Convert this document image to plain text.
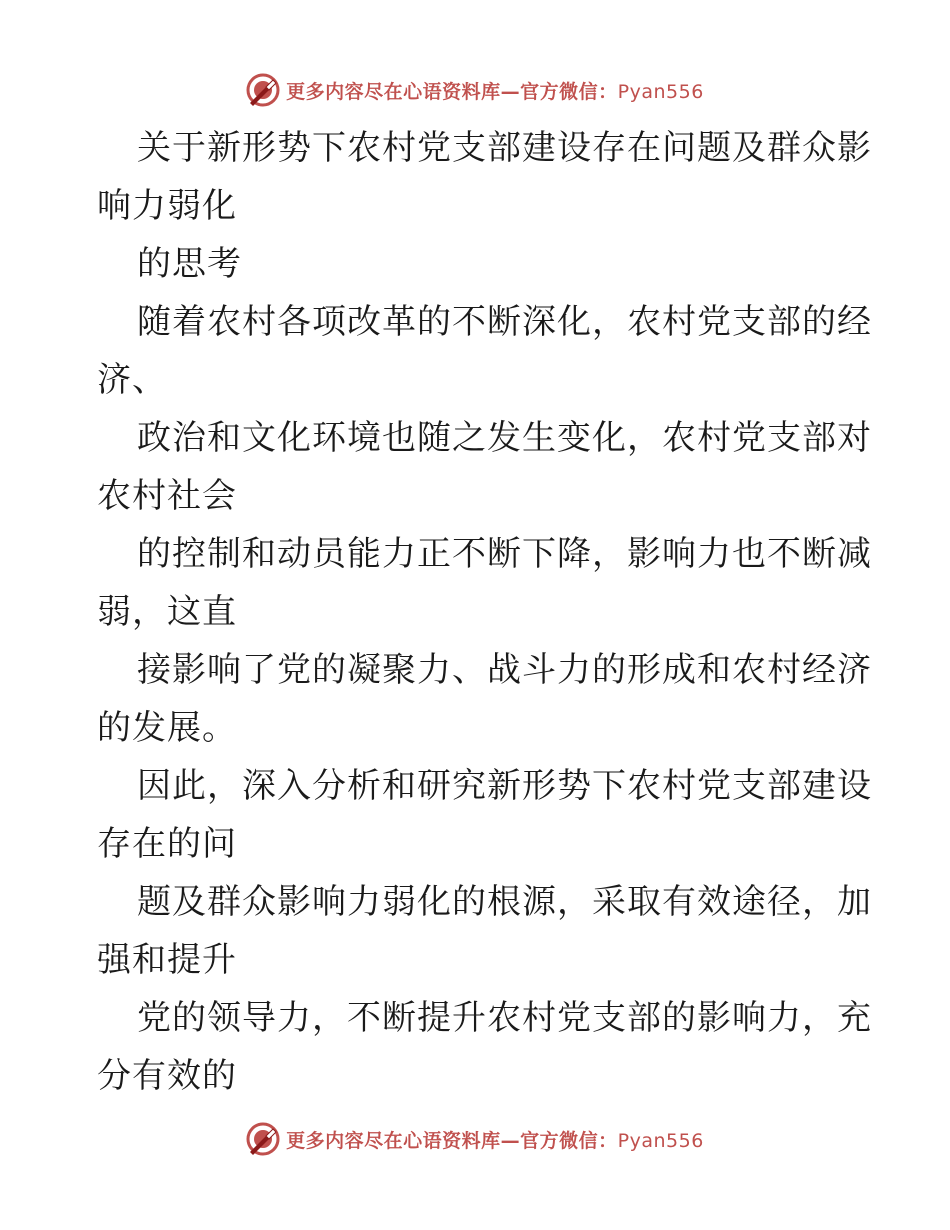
更多内容尽在心语资料库—官方微信：Pyan556
关于新形势下农村党支部建设存在问题及群众影
响力弱化
的思考
随着农村各项改革的不断深化，农村党支部的经
济、
政治和文化环境也随之发生变化，农村党支部对
农村社会
的控制和动员能力正不断下降，影响力也不断减
弱，这直
接影响了党的凝聚力、战斗力的形成和农村经济
的发展。
因此，深入分析和研究新形势下农村党支部建设
存在的问
题及群众影响力弱化的根源，采取有效途径，加
强和提升
党的领导力，不断提升农村党支部的影响力，充
分有效的
更多内容尽在心语资料库—官方微信：Pyan556
